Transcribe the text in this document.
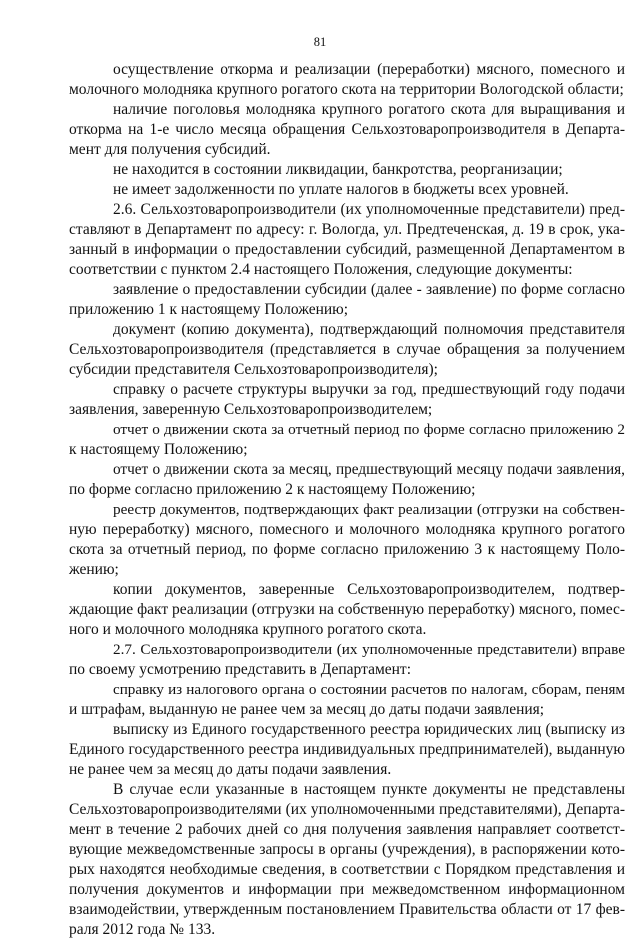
81
осуществление откорма и реализации (переработки) мясного, помесного и
молочного молодняка крупного рогатого скота на территории Вологодской области;
наличие поголовья молодняка крупного рогатого скота для выращивания и
откорма на 1-е число месяца обращения Сельхозтоваропроизводителя в Департа-
мент для получения субсидий.
не находится в состоянии ликвидации, банкротства, реорганизации;
не имеет задолженности по уплате налогов в бюджеты всех уровней.
2.6. Сельхозтоваропроизводители (их уполномоченные представители) пред-
ставляют в Департамент по адресу: г. Вологда, ул. Предтеченская, д. 19 в срок, ука-
занный в информации о предоставлении субсидий, размещенной Департаментом в
соответствии с пунктом 2.4 настоящего Положения, следующие документы:
заявление о предоставлении субсидии (далее - заявление) по форме согласно
приложению 1 к настоящему Положению;
документ (копию документа), подтверждающий полномочия представителя
Сельхозтоваропроизводителя (представляется в случае обращения за получением
субсидии представителя Сельхозтоваропроизводителя);
справку о расчете структуры выручки за год, предшествующий году подачи
заявления, заверенную Сельхозтоваропроизводителем;
отчет о движении скота за отчетный период по форме согласно приложению 2
к настоящему Положению;
отчет о движении скота за месяц, предшествующий месяцу подачи заявления,
по форме согласно приложению 2 к настоящему Положению;
реестр документов, подтверждающих факт реализации (отгрузки на собствен-
ную переработку) мясного, помесного и молочного молодняка крупного рогатого
скота за отчетный период, по форме согласно приложению 3 к настоящему Поло-
жению;
копии документов, заверенные Сельхозтоваропроизводителем, подтвер-
ждающие факт реализации (отгрузки на собственную переработку) мясного, помес-
ного и молочного молодняка крупного рогатого скота.
2.7. Сельхозтоваропроизводители (их уполномоченные представители) вправе
по своему усмотрению представить в Департамент:
справку из налогового органа о состоянии расчетов по налогам, сборам, пеням
и штрафам, выданную не ранее чем за месяц до даты подачи заявления;
выписку из Единого государственного реестра юридических лиц (выписку из
Единого государственного реестра индивидуальных предпринимателей), выданную
не ранее чем за месяц до даты подачи заявления.
В случае если указанные в настоящем пункте документы не представлены
Сельхозтоваропроизводителями (их уполномоченными представителями), Департа-
мент в течение 2 рабочих дней со дня получения заявления направляет соответст-
вующие межведомственные запросы в органы (учреждения), в распоряжении кото-
рых находятся необходимые сведения, в соответствии с Порядком представления и
получения документов и информации при межведомственном информационном
взаимодействии, утвержденным постановлением Правительства области от 17 фев-
раля 2012 года № 133.
